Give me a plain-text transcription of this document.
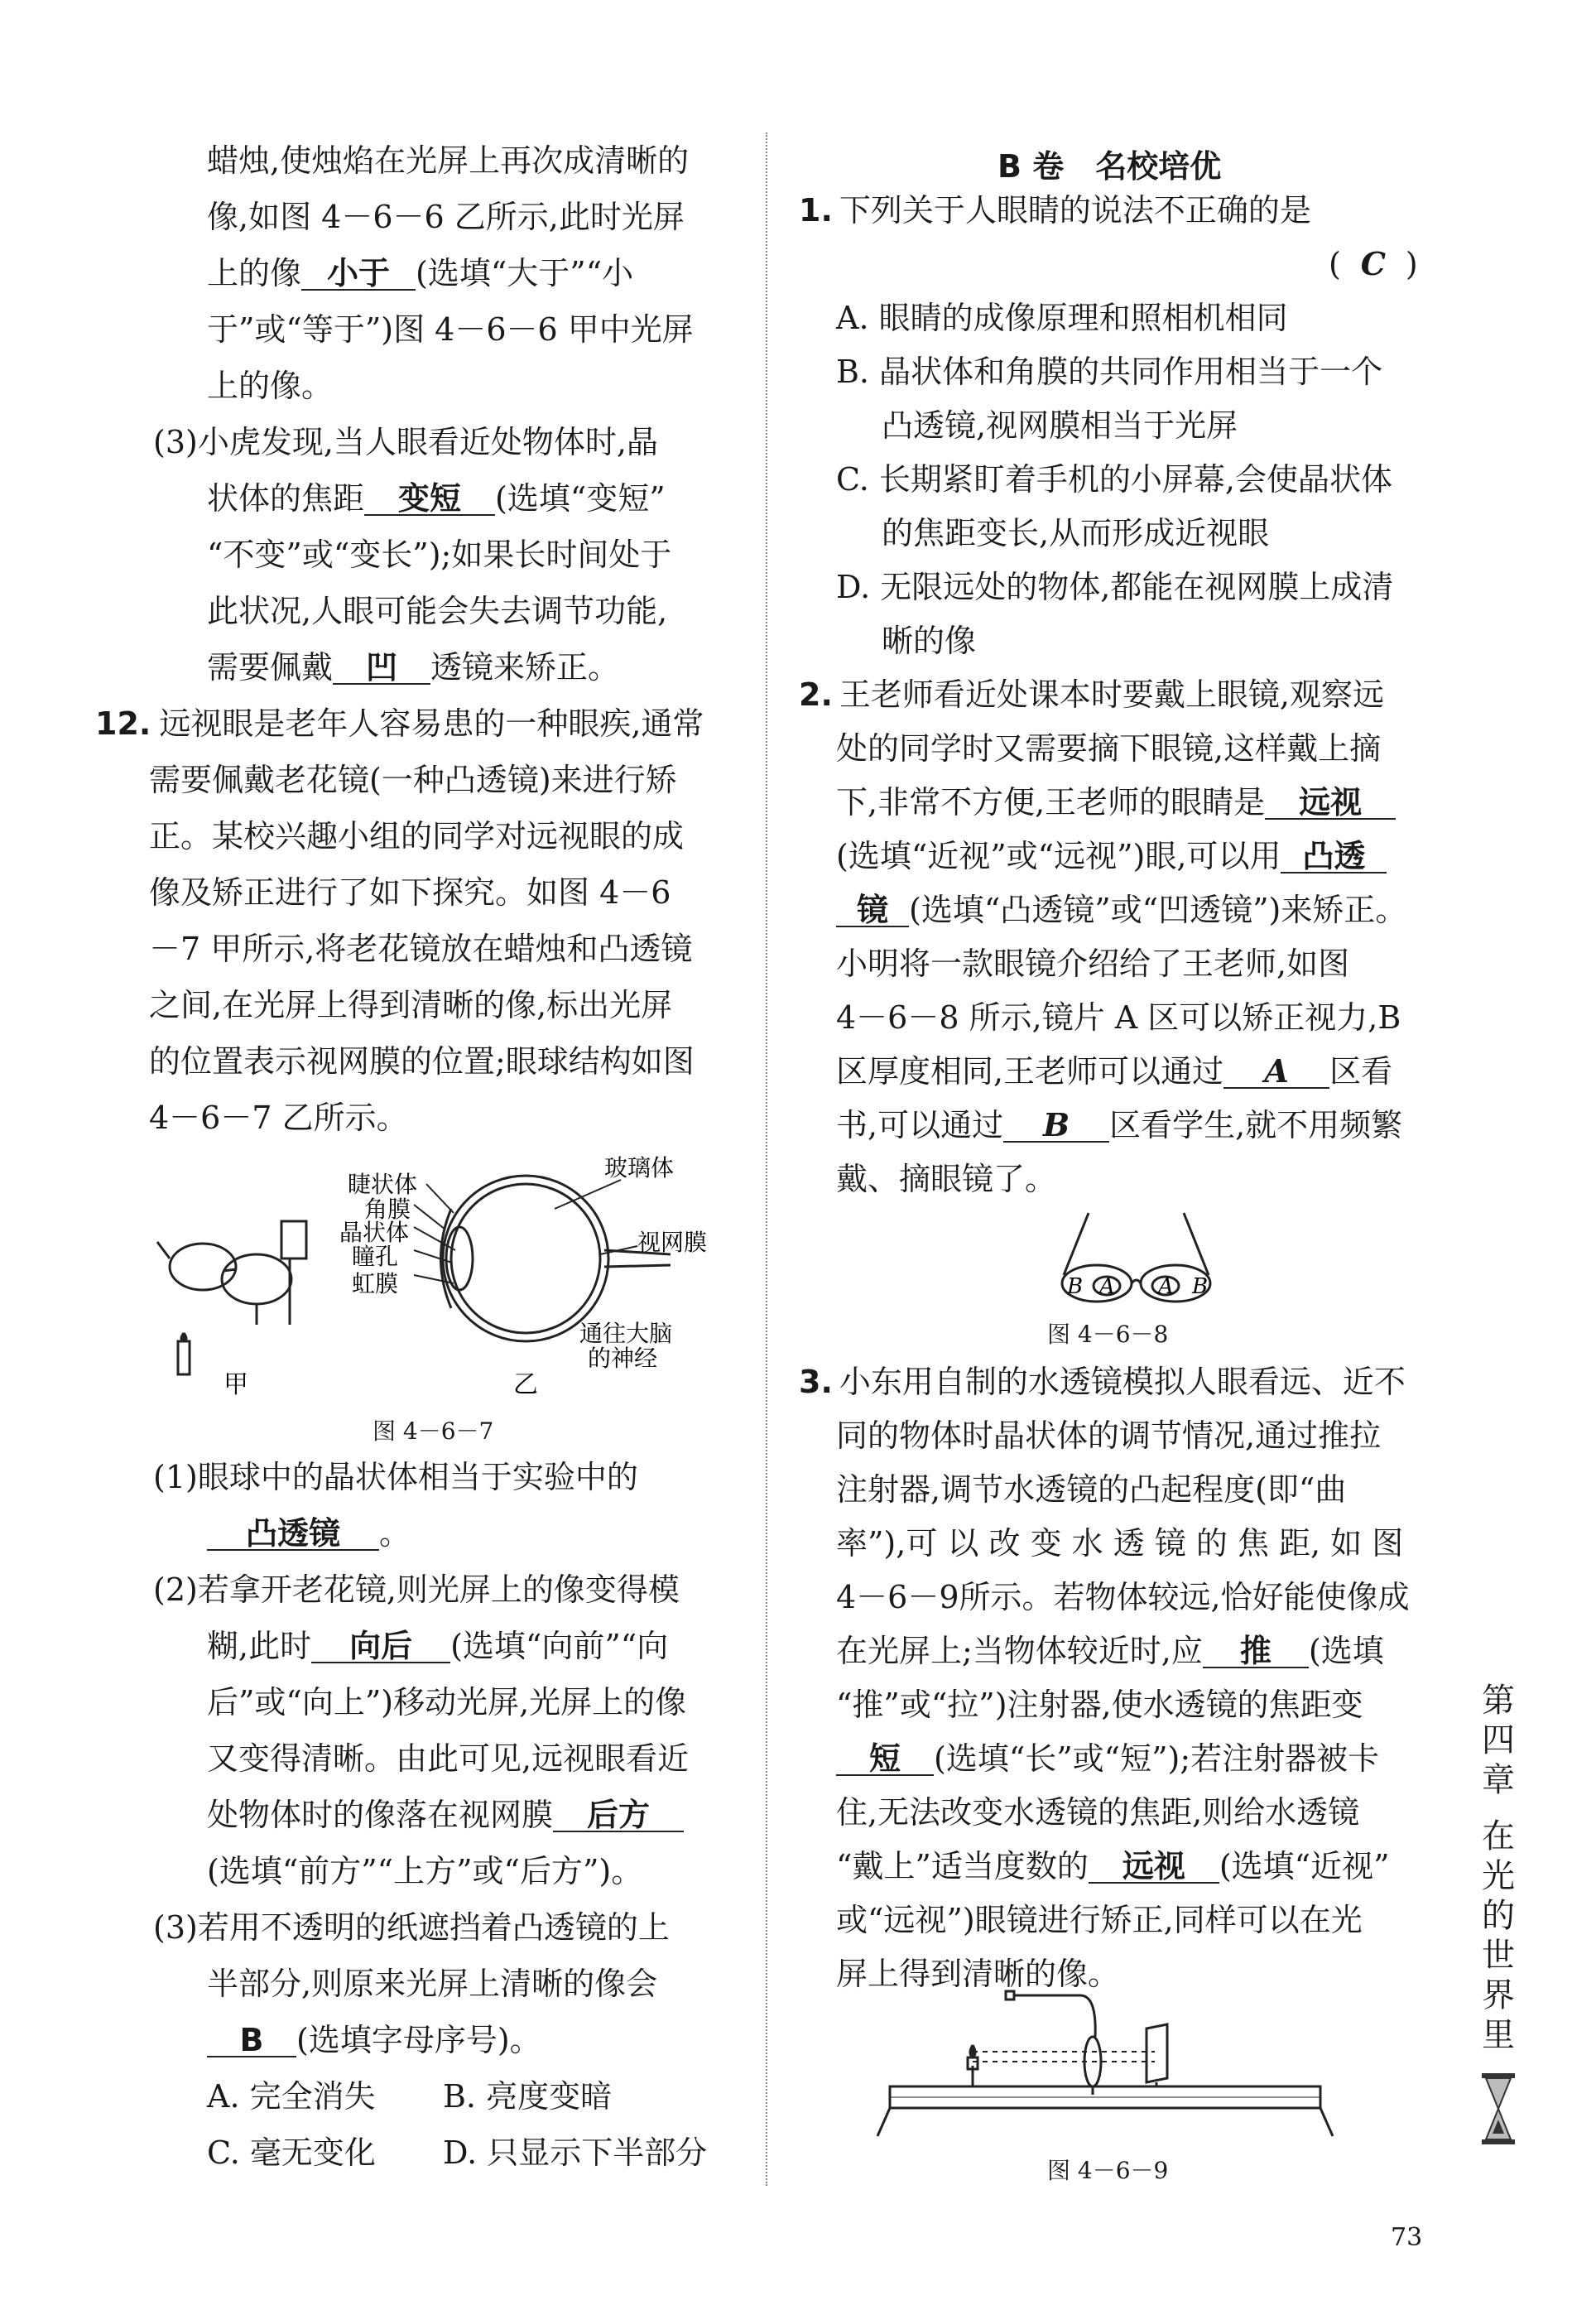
蜡烛,使烛焰在光屏上再次成清晰的
像,如图 4－6－6 乙所示,此时光屏
上的像 小于 (选填“大于”“小
于”或“等于”)图 4－6－6 甲中光屏
上的像。
(3)小虎发现,当人眼看近处物体时,晶
状体的焦距 变短 (选填“变短”
“不变”或“变长”);如果长时间处于
此状况,人眼可能会失去调节功能,
需要佩戴 凹 透镜来矫正。
12. 远视眼是老年人容易患的一种眼疾,通常
需要佩戴老花镜(一种凸透镜)来进行矫
正。某校兴趣小组的同学对远视眼的成
像及矫正进行了如下探究。如图 4－6
－7 甲所示,将老花镜放在蜡烛和凸透镜
之间,在光屏上得到清晰的像,标出光屏
的位置表示视网膜的位置;眼球结构如图
4－6－7 乙所示。
甲
睫状体
角膜
晶状体
瞳孔
虹膜
玻璃体
视网膜
通往大脑
的神经
乙
图 4－6－7
(1)眼球中的晶状体相当于实验中的
凸透镜 。
(2)若拿开老花镜,则光屏上的像变得模
糊,此时 向后 (选填“向前”“向
后”或“向上”)移动光屏,光屏上的像
又变得清晰。由此可见,远视眼看近
处物体时的像落在视网膜 后方
(选填“前方”“上方”或“后方”)。
(3)若用不透明的纸遮挡着凸透镜的上
半部分,则原来光屏上清晰的像会
B (选填字母序号)。
A. 完全消失 B. 亮度变暗
C. 毫无变化 D. 只显示下半部分
B 卷　名校培优
1. 下列关于人眼睛的说法不正确的是
( C )
A. 眼睛的成像原理和照相机相同
B. 晶状体和角膜的共同作用相当于一个
凸透镜,视网膜相当于光屏
C. 长期紧盯着手机的小屏幕,会使晶状体
的焦距变长,从而形成近视眼
D. 无限远处的物体,都能在视网膜上成清
晰的像
2. 王老师看近处课本时要戴上眼镜,观察远
处的同学时又需要摘下眼镜,这样戴上摘
下,非常不方便,王老师的眼睛是 远视
(选填“近视”或“远视”)眼,可以用 凸透
镜 (选填“凸透镜”或“凹透镜”)来矫正。
小明将一款眼镜介绍给了王老师,如图
4－6－8 所示,镜片 A 区可以矫正视力,B
区厚度相同,王老师可以通过 A 区看
书,可以通过 B 区看学生,就不用频繁
戴、摘眼镜了。
B A A B
图 4－6－8
3. 小东用自制的水透镜模拟人眼看远、近不
同的物体时晶状体的调节情况,通过推拉
注射器,调节水透镜的凸起程度(即“曲
率”),可 以 改 变 水 透 镜 的 焦 距, 如 图
4－6－9所示。若物体较远,恰好能使像成
在光屏上;当物体较近时,应 推 (选填
“推”或“拉”)注射器,使水透镜的焦距变
短 (选填“长”或“短”);若注射器被卡
住,无法改变水透镜的焦距,则给水透镜
“戴上”适当度数的 远视 (选填“近视”
或“远视”)眼镜进行矫正,同样可以在光
屏上得到清晰的像。
图 4－6－9
第
四
章
在
光
的
世
界
里
73
